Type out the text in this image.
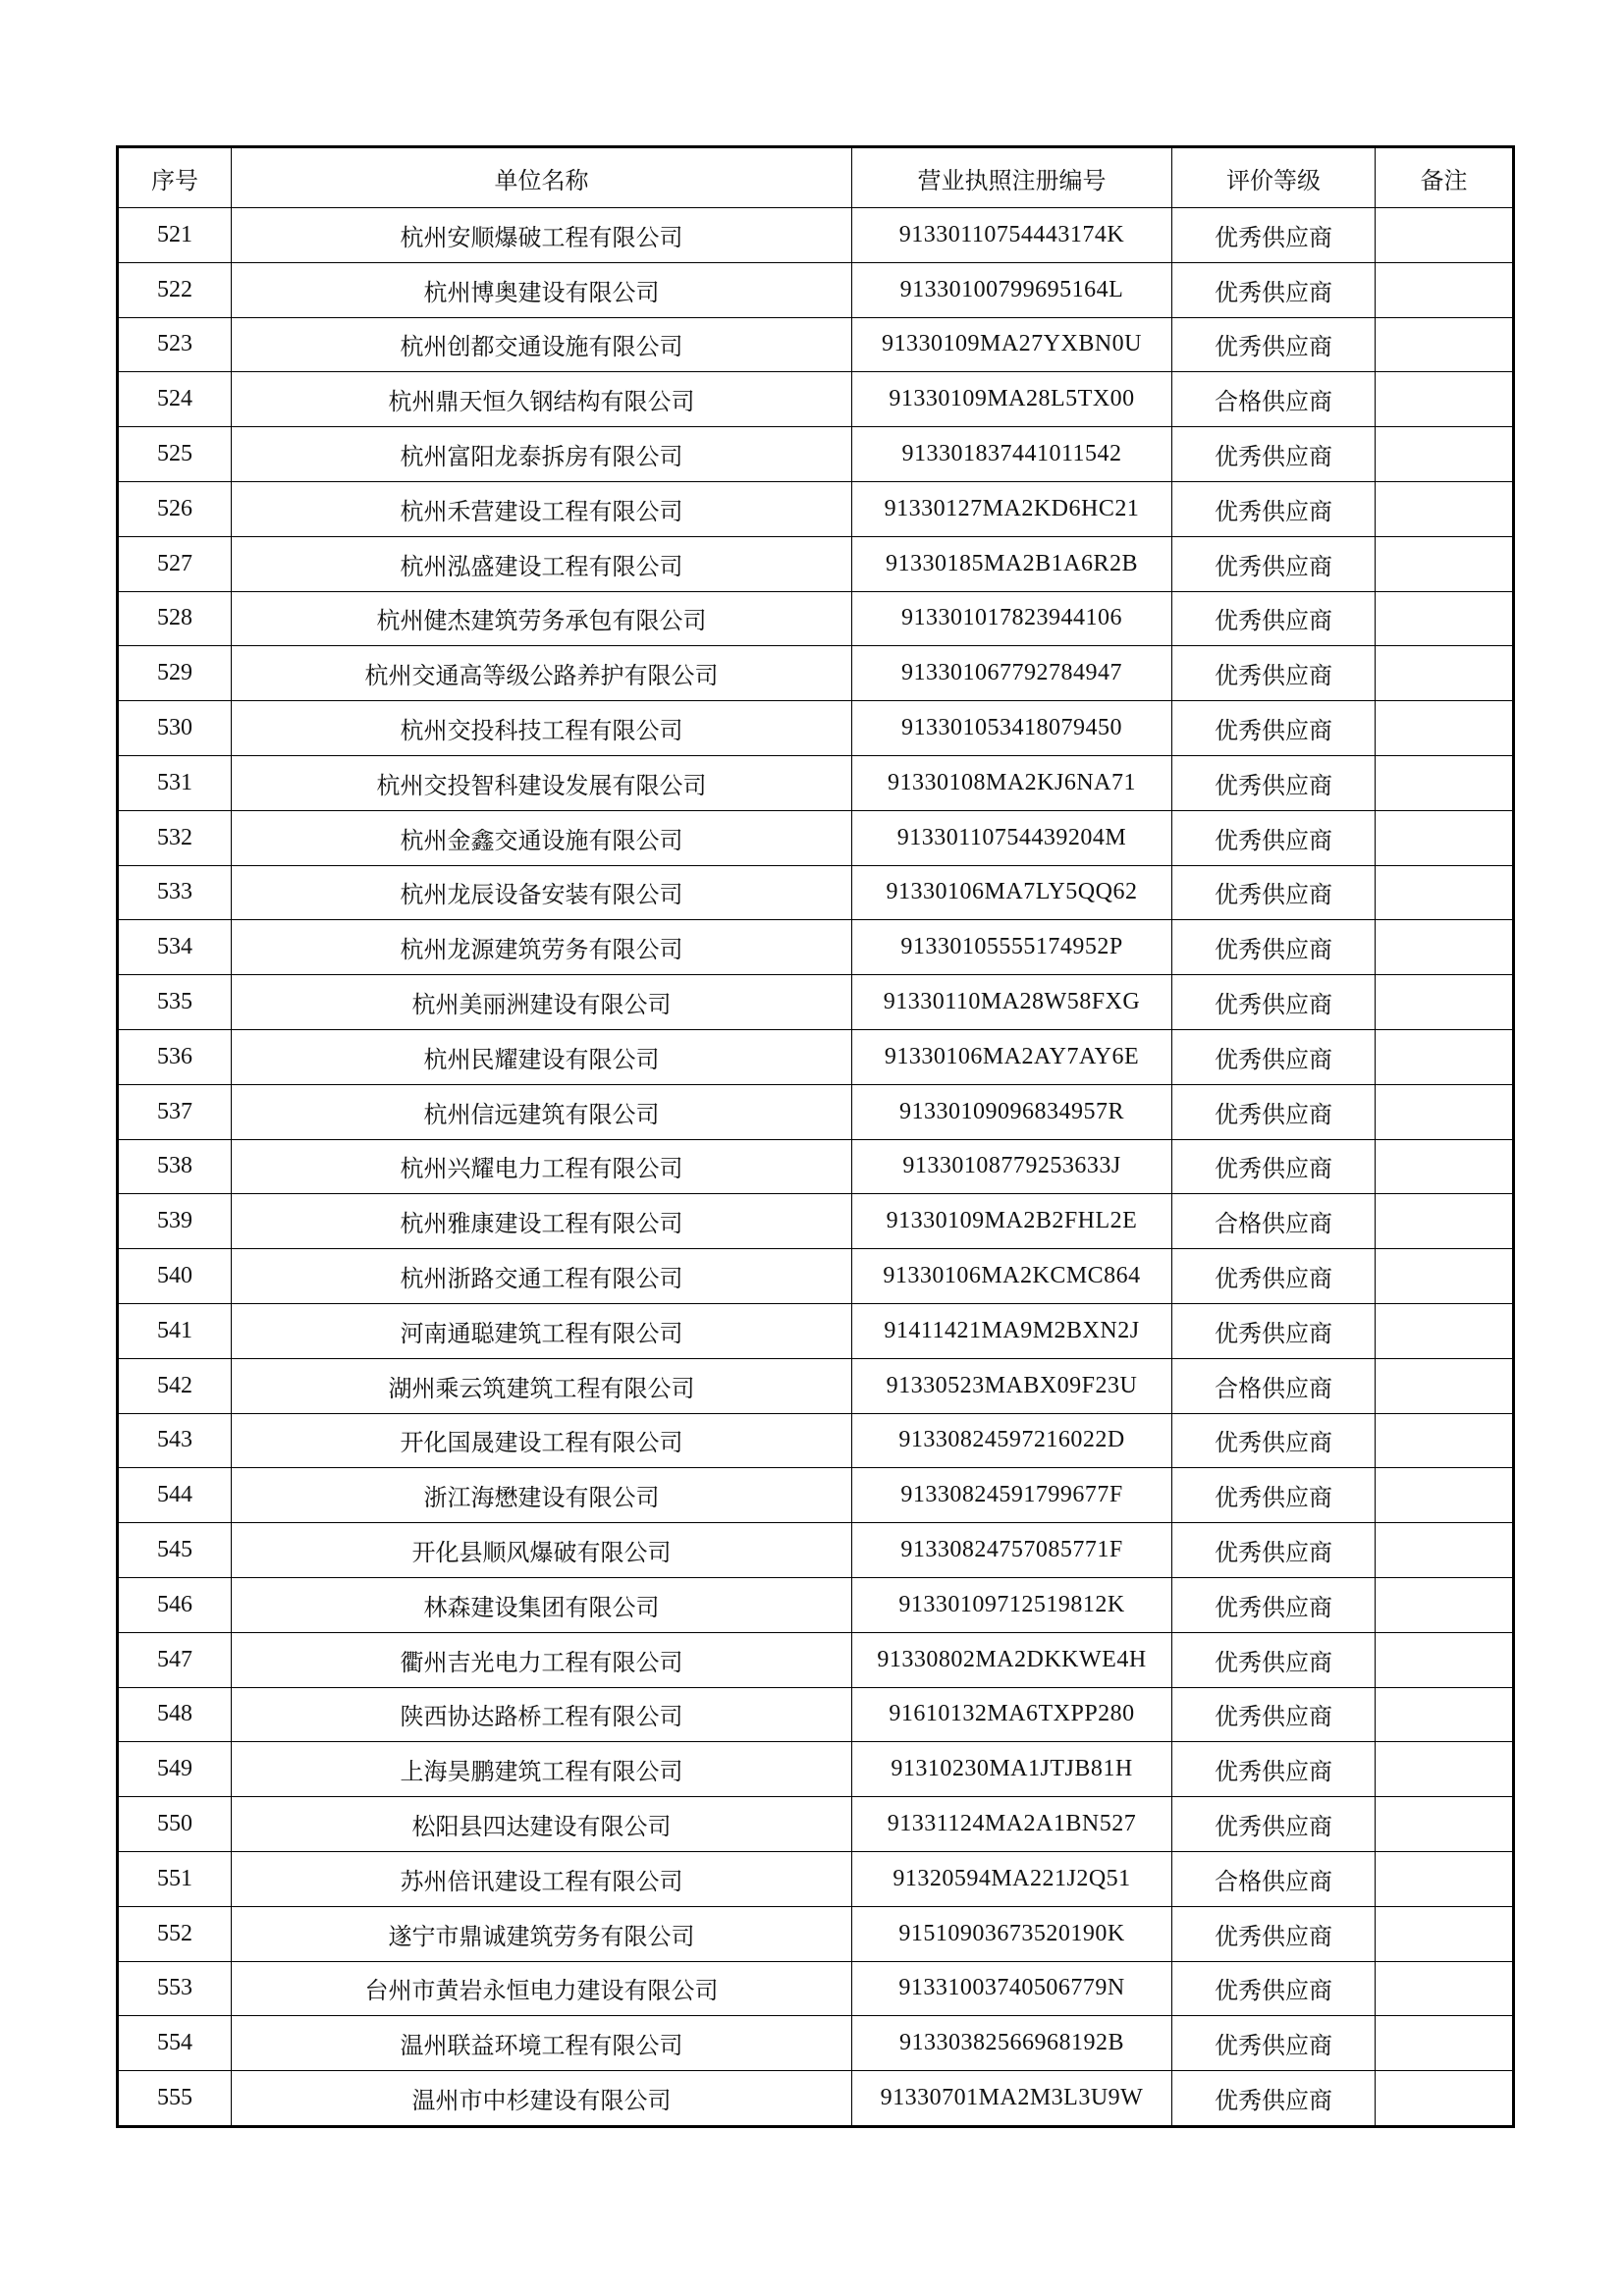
序号	单位名称	营业执照注册编号	评价等级	备注
521	杭州安顺爆破工程有限公司	91330110754443174K	优秀供应商	
522	杭州博奥建设有限公司	91330100799695164L	优秀供应商	
523	杭州创都交通设施有限公司	91330109MA27YXBN0U	优秀供应商	
524	杭州鼎天恒久钢结构有限公司	91330109MA28L5TX00	合格供应商	
525	杭州富阳龙泰拆房有限公司	913301837441011542	优秀供应商	
526	杭州禾营建设工程有限公司	91330127MA2KD6HC21	优秀供应商	
527	杭州泓盛建设工程有限公司	91330185MA2B1A6R2B	优秀供应商	
528	杭州健杰建筑劳务承包有限公司	913301017823944106	优秀供应商	
529	杭州交通高等级公路养护有限公司	913301067792784947	优秀供应商	
530	杭州交投科技工程有限公司	913301053418079450	优秀供应商	
531	杭州交投智科建设发展有限公司	91330108MA2KJ6NA71	优秀供应商	
532	杭州金鑫交通设施有限公司	91330110754439204M	优秀供应商	
533	杭州龙辰设备安装有限公司	91330106MA7LY5QQ62	优秀供应商	
534	杭州龙源建筑劳务有限公司	91330105555174952P	优秀供应商	
535	杭州美丽洲建设有限公司	91330110MA28W58FXG	优秀供应商	
536	杭州民耀建设有限公司	91330106MA2AY7AY6E	优秀供应商	
537	杭州信远建筑有限公司	91330109096834957R	优秀供应商	
538	杭州兴耀电力工程有限公司	91330108779253633J	优秀供应商	
539	杭州雅康建设工程有限公司	91330109MA2B2FHL2E	合格供应商	
540	杭州浙路交通工程有限公司	91330106MA2KCMC864	优秀供应商	
541	河南通聪建筑工程有限公司	91411421MA9M2BXN2J	优秀供应商	
542	湖州乘云筑建筑工程有限公司	91330523MABX09F23U	合格供应商	
543	开化国晟建设工程有限公司	91330824597216022D	优秀供应商	
544	浙江海懋建设有限公司	91330824591799677F	优秀供应商	
545	开化县顺风爆破有限公司	91330824757085771F	优秀供应商	
546	林森建设集团有限公司	91330109712519812K	优秀供应商	
547	衢州吉光电力工程有限公司	91330802MA2DKKWE4H	优秀供应商	
548	陕西协达路桥工程有限公司	91610132MA6TXPP280	优秀供应商	
549	上海昊鹏建筑工程有限公司	91310230MA1JTJB81H	优秀供应商	
550	松阳县四达建设有限公司	91331124MA2A1BN527	优秀供应商	
551	苏州倍讯建设工程有限公司	91320594MA221J2Q51	合格供应商	
552	遂宁市鼎诚建筑劳务有限公司	91510903673520190K	优秀供应商	
553	台州市黄岩永恒电力建设有限公司	91331003740506779N	优秀供应商	
554	温州联益环境工程有限公司	91330382566968192B	优秀供应商	
555	温州市中杉建设有限公司	91330701MA2M3L3U9W	优秀供应商	
